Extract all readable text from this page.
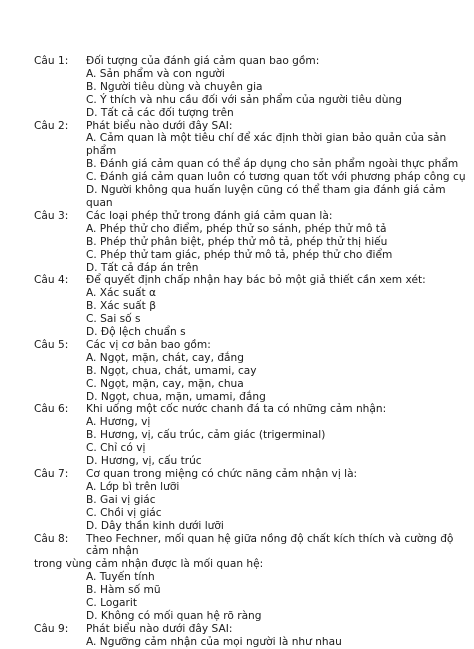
Câu 1:	Đối tượng của đánh giá cảm quan bao gồm:
A. Sản phẩm và con người
B. Người tiêu dùng và chuyên gia
C. Ý thích và nhu cầu đối với sản phẩm của người tiêu dùng
D. Tất cả các đối tượng trên
Câu 2:	Phát biểu nào dưới đây SAI:
A. Cảm quan là một tiêu chí để xác định thời gian bảo quản của sản phẩm
B. Đánh giá cảm quan có thể áp dụng cho sản phẩm ngoài thực phẩm
C. Đánh giá cảm quan luôn có tương quan tốt với phương pháp công cụ
D. Người không qua huấn luyện cũng có thể tham gia đánh giá cảm quan
Câu 3:	Các loại phép thử trong đánh giá cảm quan là:
A. Phép thử cho điểm, phép thử so sánh, phép thử mô tả
B. Phép thử phân biệt, phép thử mô tả, phép thử thị hiếu
C. Phép thử tam giác, phép thử mô tả, phép thử cho điểm
D. Tất cả đáp án trên
Câu 4:	Để quyết định chấp nhận hay bác bỏ một giả thiết cần xem xét:
A. Xác suất α
B. Xác suất β
C. Sai số s
D. Độ lệch chuẩn s
Câu 5:	Các vị cơ bản bao gồm:
A. Ngọt, mặn, chát, cay, đắng
B. Ngọt, chua, chát, umami, cay
C. Ngọt, mặn, cay, mặn, chua
D. Ngọt, chua, mặn, umami, đắng
Câu 6:	Khi uống một cốc nước chanh đá ta có những cảm nhận:
A. Hương, vị
B. Hương, vị, cấu trúc, cảm giác (trigerminal)
C. Chỉ có vị
D. Hương, vị, cấu trúc
Câu 7:	Cơ quan trong miệng có chức năng cảm nhận vị là:
A. Lớp bì trên lưỡi
B. Gai vị giác
C. Chồi vị giác
D. Dây thần kinh dưới lưỡi
Câu 8:	Theo Fechner, mối quan hệ giữa nồng độ chất kích thích và cường độ cảm nhận
trong vùng cảm nhận được là mối quan hệ:
A. Tuyến tính
B. Hàm số mũ
C. Logarit
D. Không có mối quan hệ rõ ràng
Câu 9:	Phát biểu nào dưới đây SAI:
A. Ngưỡng cảm nhận của mọi người là như nhau
